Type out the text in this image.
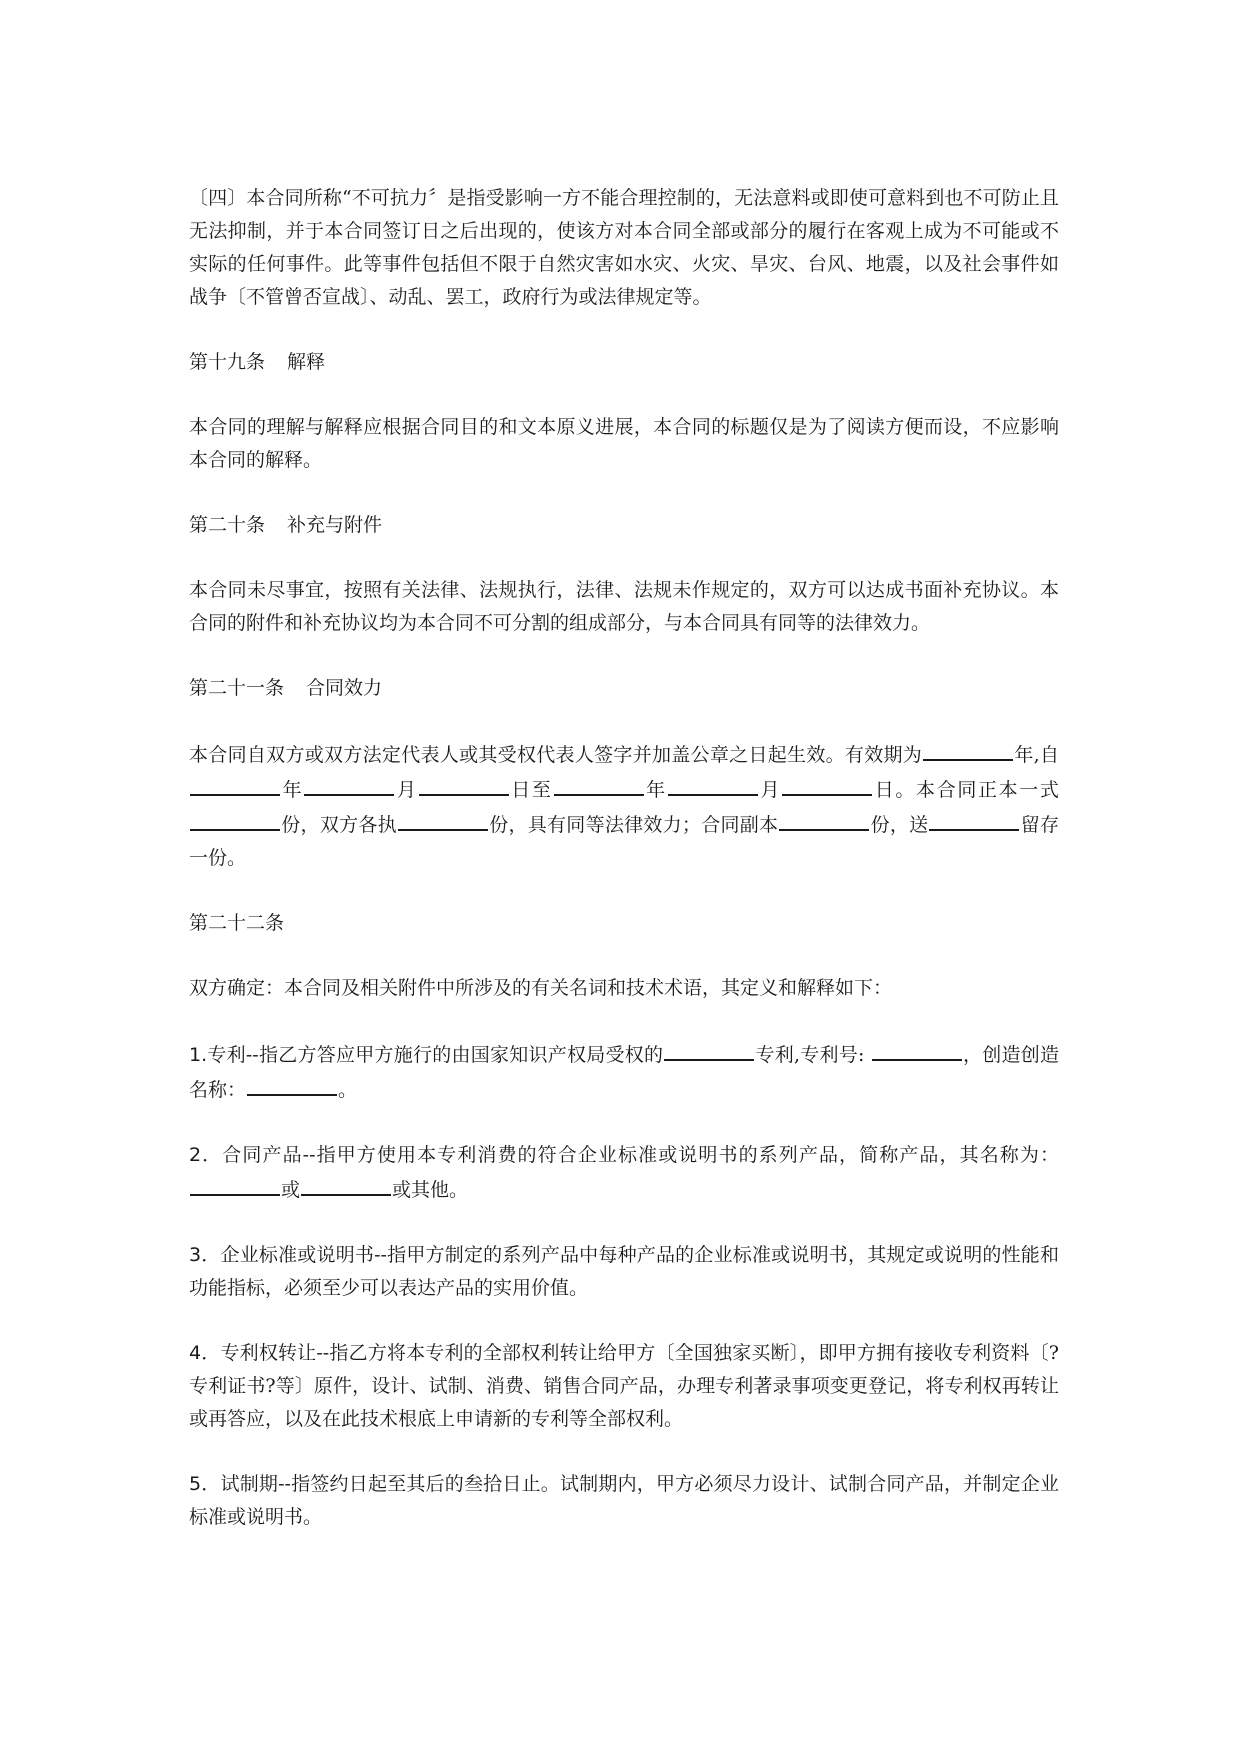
〔四〕本合同所称“不可抗力〞是指受影响一方不能合理控制的，无法意料或即使可意料到也不可防止且无法抑制，并于本合同签订日之后出现的，使该方对本合同全部或部分的履行在客观上成为不可能或不实际的任何事件。此等事件包括但不限于自然灾害如水灾、火灾、旱灾、台风、地震，以及社会事件如战争〔不管曾否宣战〕、动乱、罢工，政府行为或法律规定等。

第十九条 解释

本合同的理解与解释应根据合同目的和文本原义进展，本合同的标题仅是为了阅读方便而设，不应影响本合同的解释。

第二十条 补充与附件

本合同未尽事宜，按照有关法律、法规执行，法律、法规未作规定的，双方可以达成书面补充协议。本合同的附件和补充协议均为本合同不可分割的组成部分，与本合同具有同等的法律效力。

第二十一条 合同效力

本合同自双方或双方法定代表人或其受权代表人签字并加盖公章之日起生效。有效期为	年,自年	月	日至	年	月	日。本合同正本一式份，双方各执	份，具有同等法律效力；合同副本	份，送	留存一份。

第二十二条

双方确定：本合同及相关附件中所涉及的有关名词和技术术语，其定义和解释如下：

1.专利--指乙方答应甲方施行的由国家知识产权局受权的	专利,专利号:	，创造创造名称：	。

2．合同产品--指甲方使用本专利消费的符合企业标准或说明书的系列产品，简称产品，其名称为：或	或其他。

3．企业标准或说明书--指甲方制定的系列产品中每种产品的企业标准或说明书，其规定或说明的性能和功能指标，必须至少可以表达产品的实用价值。

4．专利权转让--指乙方将本专利的全部权利转让给甲方〔全国独家买断〕，即甲方拥有接收专利资料〔?专利证书?等〕原件，设计、试制、消费、销售合同产品，办理专利著录事项变更登记，将专利权再转让或再答应，以及在此技术根底上申请新的专利等全部权利。

5．试制期--指签约日起至其后的叁拾日止。试制期内，甲方必须尽力设计、试制合同产品，并制定企业标准或说明书。
